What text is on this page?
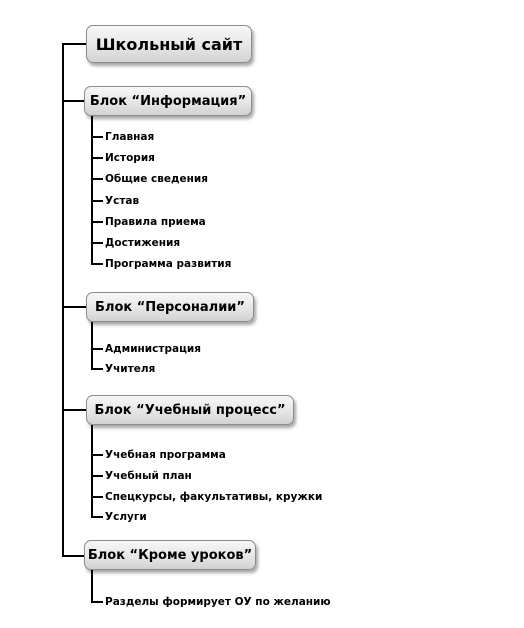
Школьный сайт
Блок “Информация”
Главная
История
Общие сведения
Устав
Правила приема
Достижения
Программа развития
Блок “Персоналии”
Администрация
Учителя
Блок “Учебный процесс”
Учебная программа
Учебный план
Спецкурсы, факультативы, кружки
Услуги
Блок “Кроме уроков”
Разделы формирует ОУ по желанию
